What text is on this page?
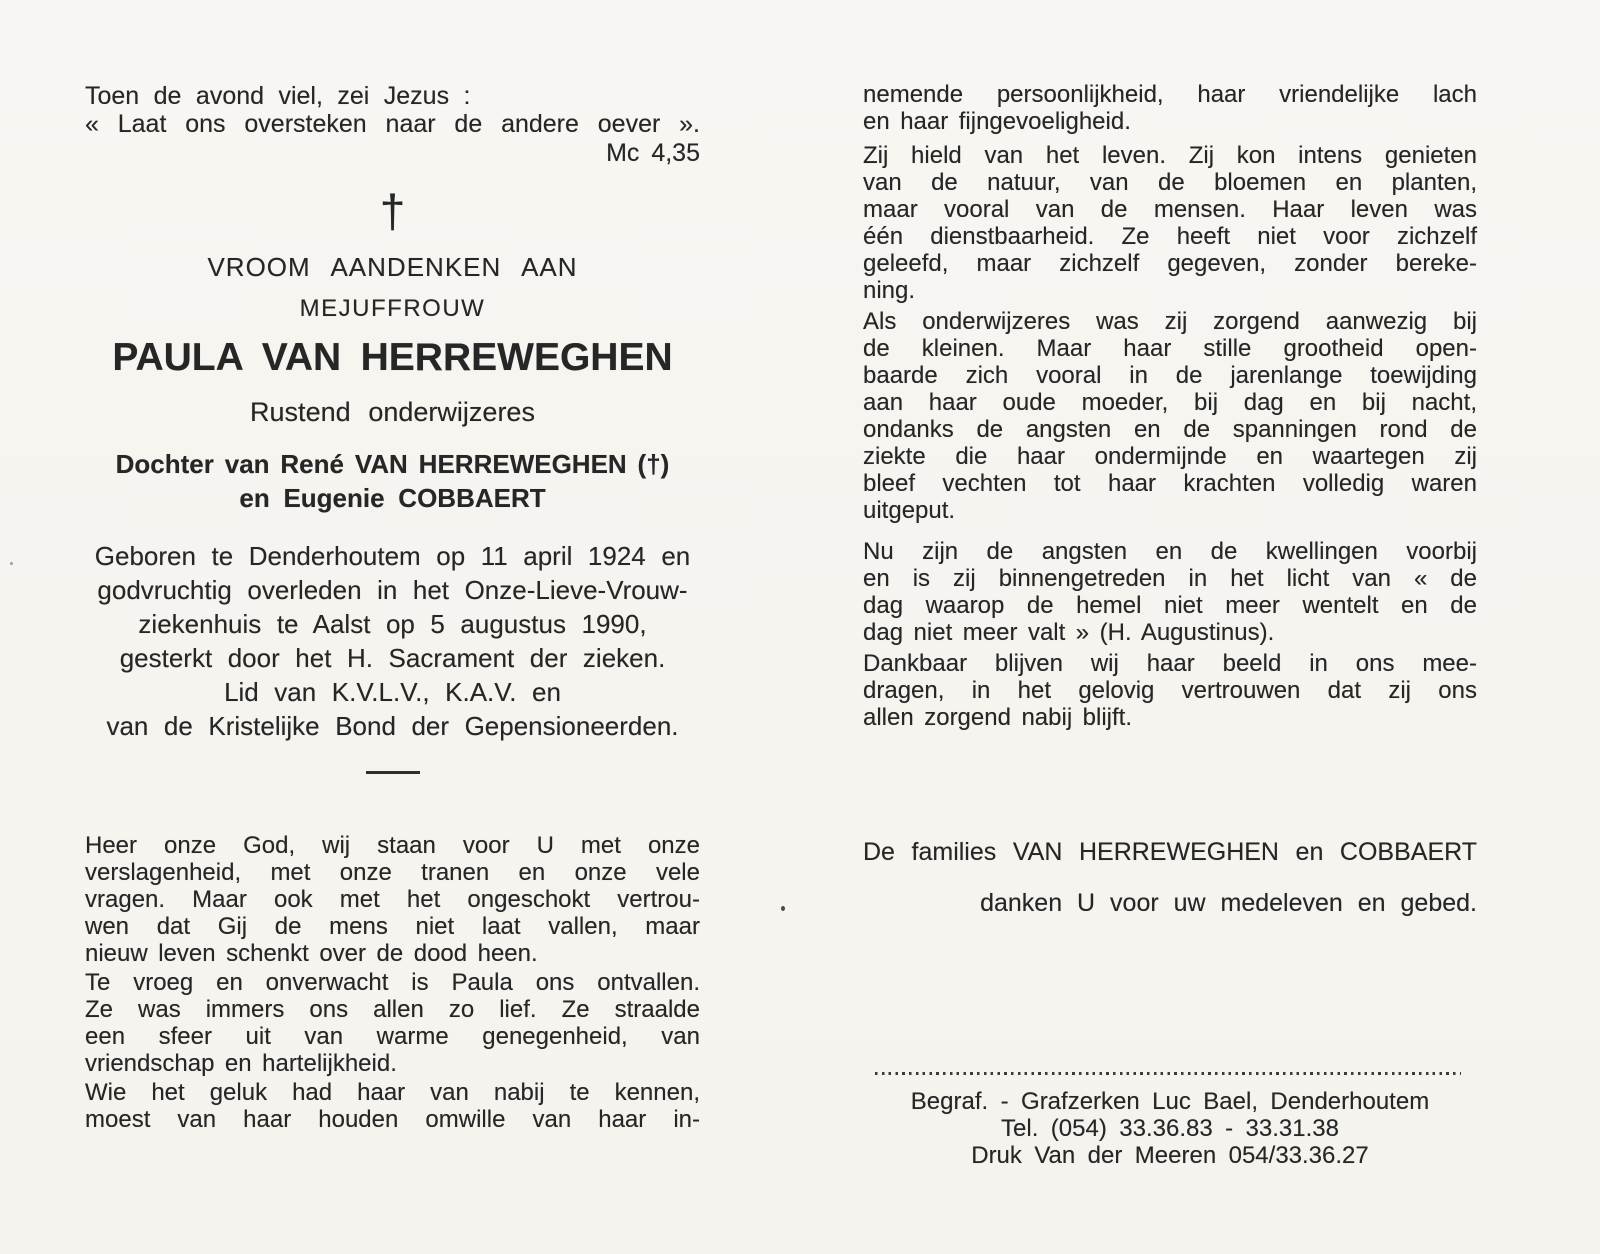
Toen de avond viel, zei Jezus :
« Laat ons oversteken naar de andere oever ».
Mc 4,35
†
VROOM AANDENKEN AAN
MEJUFFROUW
PAULA VAN HERREWEGHEN
Rustend onderwijzeres
Dochter van René VAN HERREWEGHEN (†)
en Eugenie COBBAERT
Geboren te Denderhoutem op 11 april 1924 en
godvruchtig overleden in het Onze-Lieve-Vrouw-
ziekenhuis te Aalst op 5 augustus 1990,
gesterkt door het H. Sacrament der zieken.
Lid van K.V.L.V., K.A.V. en
van de Kristelijke Bond der Gepensioneerden.
Heer onze God, wij staan voor U met onze
verslagenheid, met onze tranen en onze vele
vragen. Maar ook met het ongeschokt vertrou-
wen dat Gij de mens niet laat vallen, maar
nieuw leven schenkt over de dood heen.
Te vroeg en onverwacht is Paula ons ontvallen.
Ze was immers ons allen zo lief. Ze straalde
een sfeer uit van warme genegenheid, van
vriendschap en hartelijkheid.
Wie het geluk had haar van nabij te kennen,
moest van haar houden omwille van haar in-
nemende persoonlijkheid, haar vriendelijke lach
en haar fijngevoeligheid.
Zij hield van het leven. Zij kon intens genieten
van de natuur, van de bloemen en planten,
maar vooral van de mensen. Haar leven was
één dienstbaarheid. Ze heeft niet voor zichzelf
geleefd, maar zichzelf gegeven, zonder bereke-
ning.
Als onderwijzeres was zij zorgend aanwezig bij
de kleinen. Maar haar stille grootheid open-
baarde zich vooral in de jarenlange toewijding
aan haar oude moeder, bij dag en bij nacht,
ondanks de angsten en de spanningen rond de
ziekte die haar ondermijnde en waartegen zij
bleef vechten tot haar krachten volledig waren
uitgeput.
Nu zijn de angsten en de kwellingen voorbij
en is zij binnengetreden in het licht van « de
dag waarop de hemel niet meer wentelt en de
dag niet meer valt » (H. Augustinus).
Dankbaar blijven wij haar beeld in ons mee-
dragen, in het gelovig vertrouwen dat zij ons
allen zorgend nabij blijft.
De families VAN HERREWEGHEN en COBBAERT
danken U voor uw medeleven en gebed.
Begraf. - Grafzerken Luc Bael, Denderhoutem
Tel. (054) 33.36.83 - 33.31.38
Druk Van der Meeren 054/33.36.27
